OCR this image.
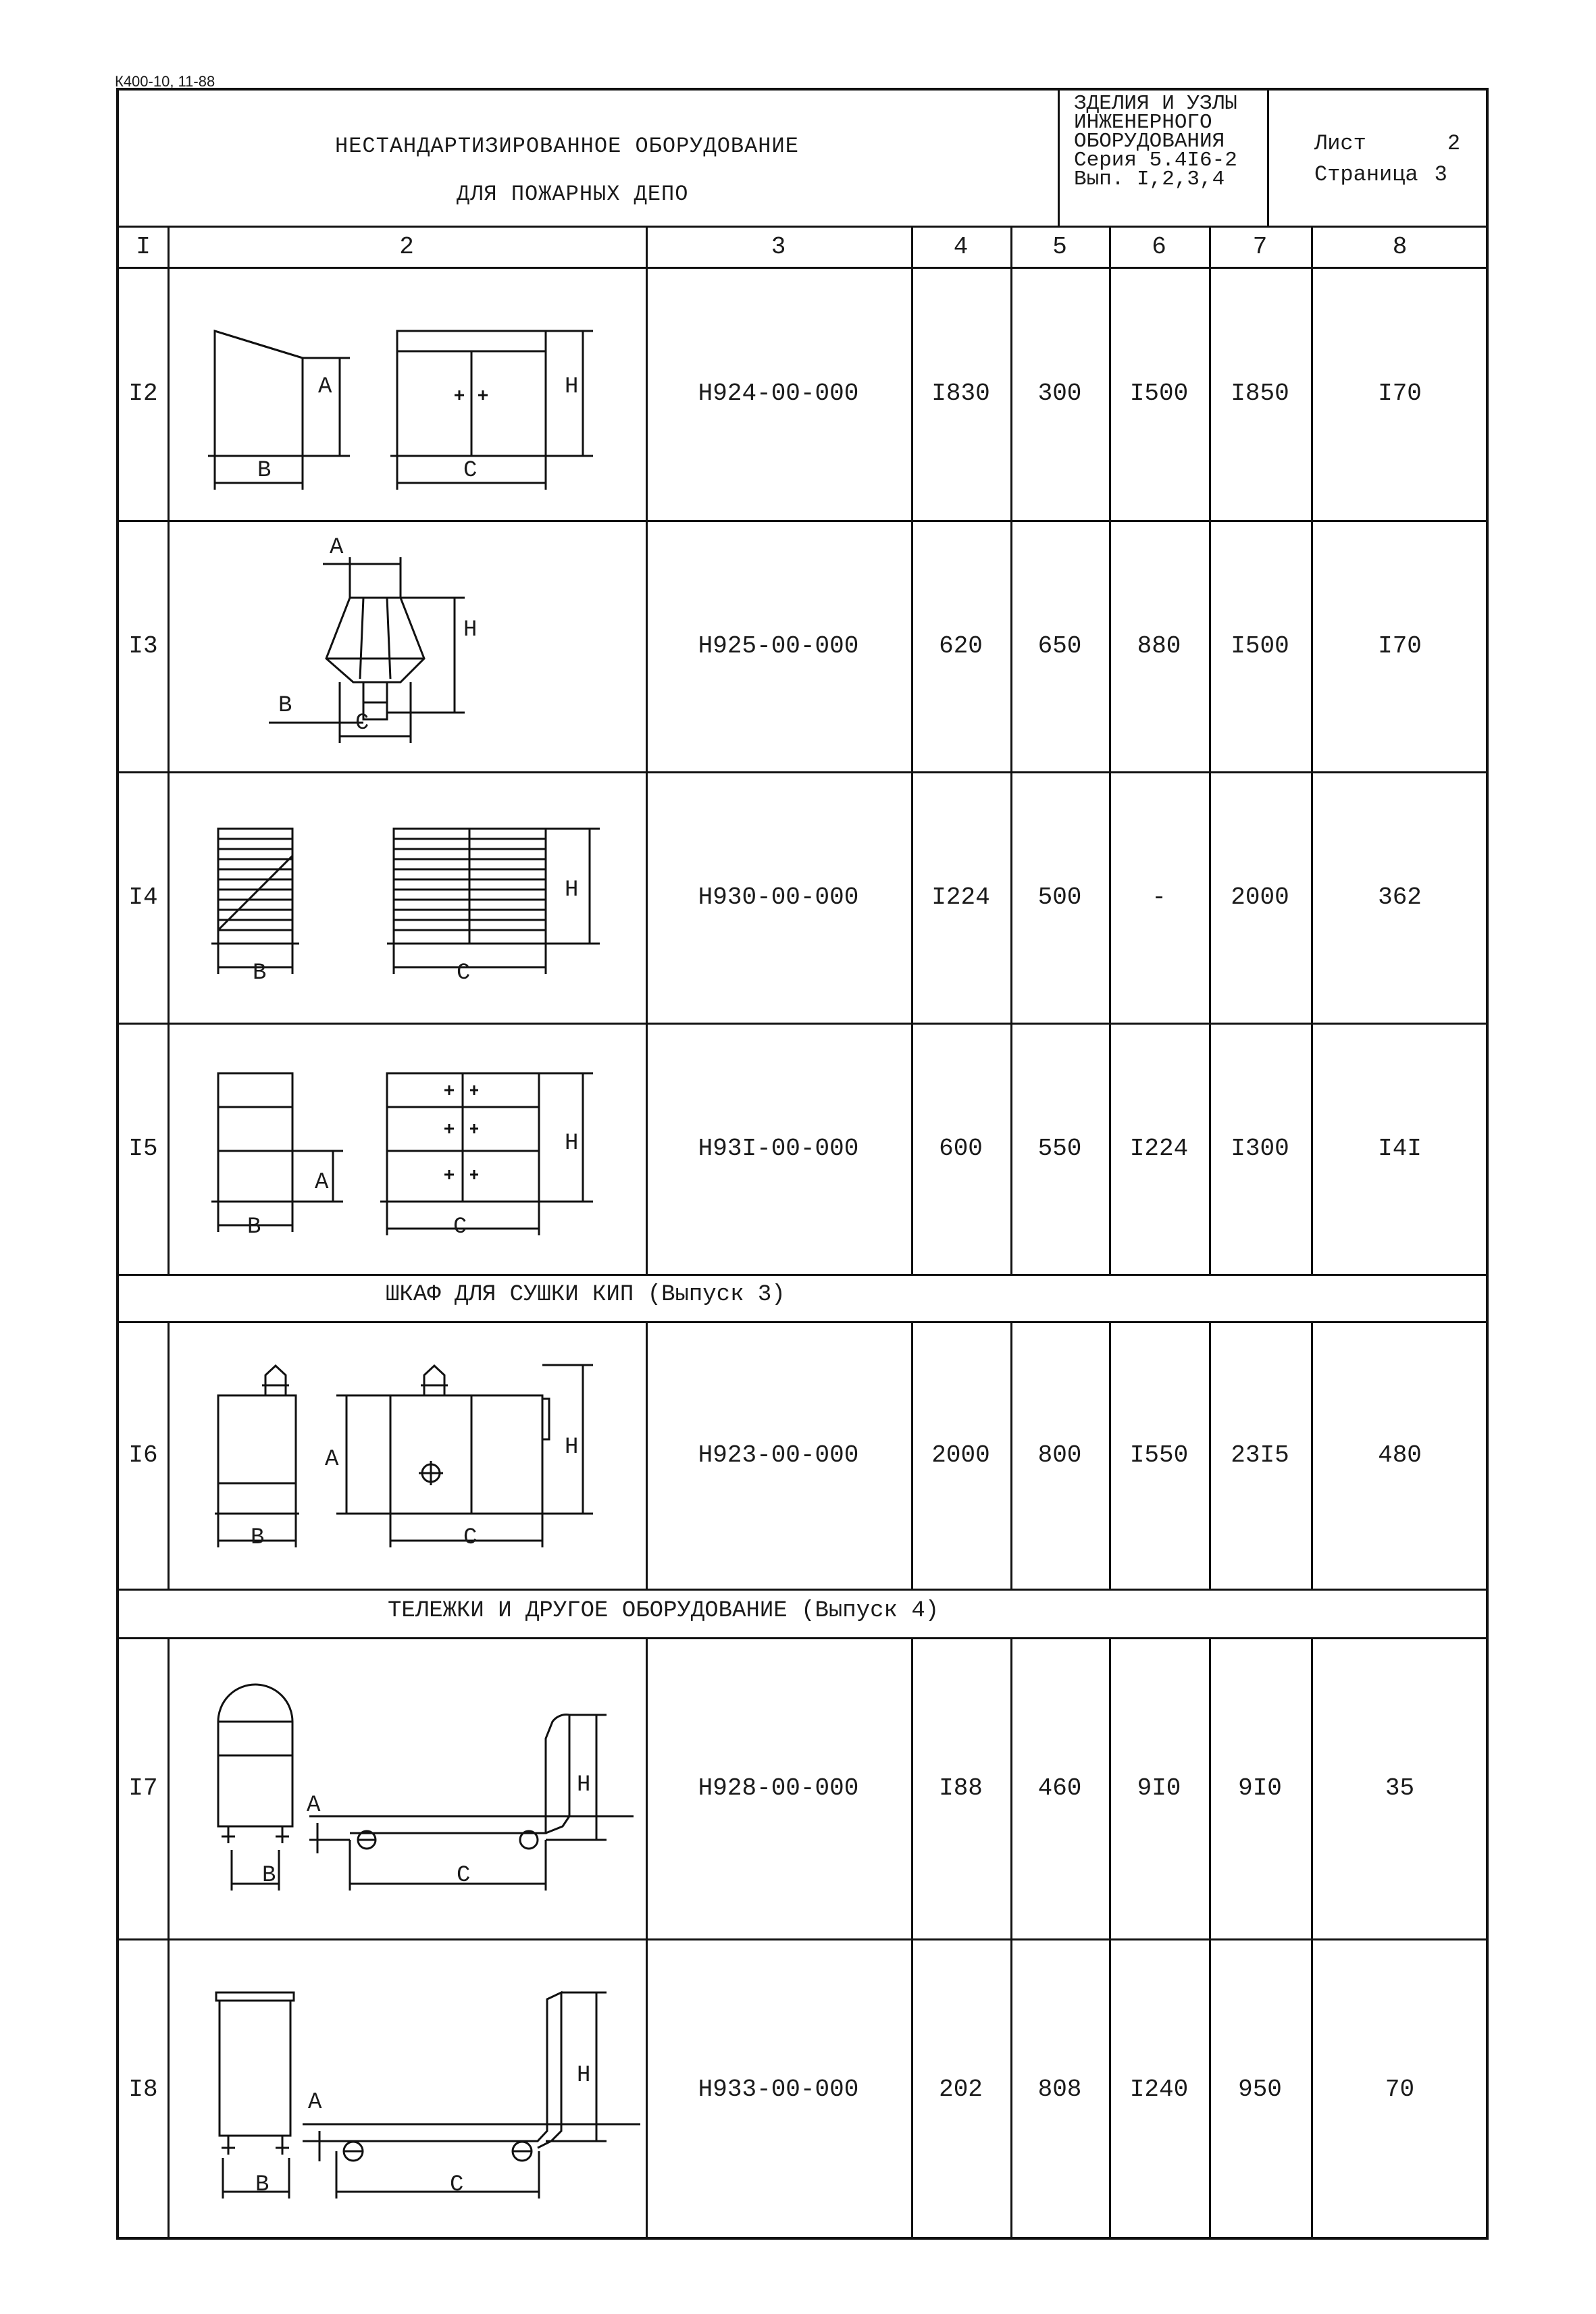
К400-10, 11-88
НЕСТАНДАРТИЗИРОВАННОЕ ОБОРУДОВАНИЕ
ДЛЯ ПОЖАРНЫХ ДЕПО
ЗДЕЛИЯ И УЗЛЫ
ИНЖЕНЕРНОГО
ОБОРУДОВАНИЯ
Серия 5.4I6-2
Вып. I,2,3,4
Лист	2
Страница 3
I	2	3	4	5	6	7	8
ШКАФ ДЛЯ СУШКИ КИП (Выпуск 3)
ТЕЛЕЖКИ И ДРУГОЕ ОБОРУДОВАНИЕ (Выпуск 4)
I2	Н924-00-000	I830	300	I500	I850	I70
А
В	С
Н
I3	Н925-00-000	620	650	880	I500	I70
А
В
С
Н
I4	Н930-00-000	I224	500	-	2000	362
В	С
Н
I5	Н93I-00-000	600	550	I224	I300	I4I
А
В	С
Н
I6	Н923-00-000	2000	800	I550	23I5	480
А
В	С
Н
I7	Н928-00-000	I88	460	9I0	9I0	35
А
В	С
Н
I8	Н933-00-000	202	808	I240	950	70
А
В	С
Н
